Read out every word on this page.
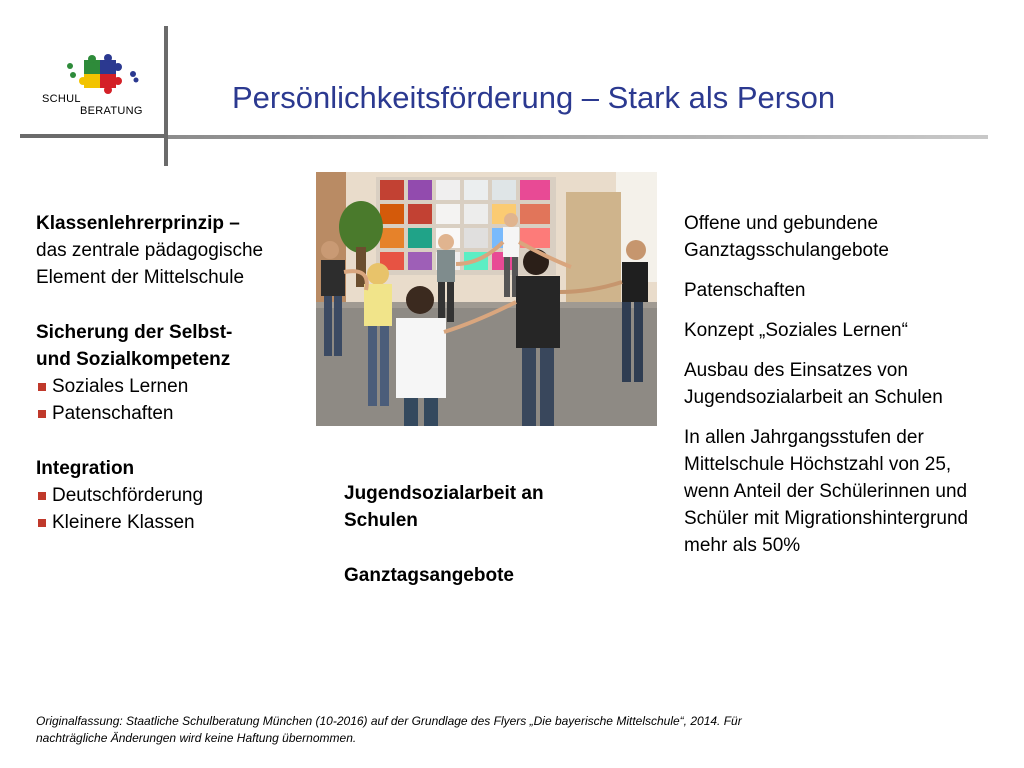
SCHUL
BERATUNG	Persönlichkeitsförderung – Stark als Person
Klassenlehrerprinzip –
das zentrale pädagogische
Element der Mittelschule
Sicherung der Selbst-
und Sozialkompetenz
Soziales Lernen
Patenschaften
Integration
Deutschförderung
Kleinere Klassen
Jugendsozialarbeit an
Schulen
Ganztagsangebote

Offene und gebundene Ganztagsschulangebote

Patenschaften

Konzept „Soziales Lernen“

Ausbau des Einsatzes von Jugendsozialarbeit an Schulen

In allen Jahrgangsstufen der Mittelschule Höchstzahl von 25, wenn Anteil der Schülerinnen und Schüler mit Migrationshintergrund mehr als 50%

Originalfassung: Staatliche Schulberatung München (10-2016) auf der Grundlage des Flyers „Die bayerische Mittelschule“, 2014. Für
nachträgliche Änderungen wird keine Haftung übernommen.
